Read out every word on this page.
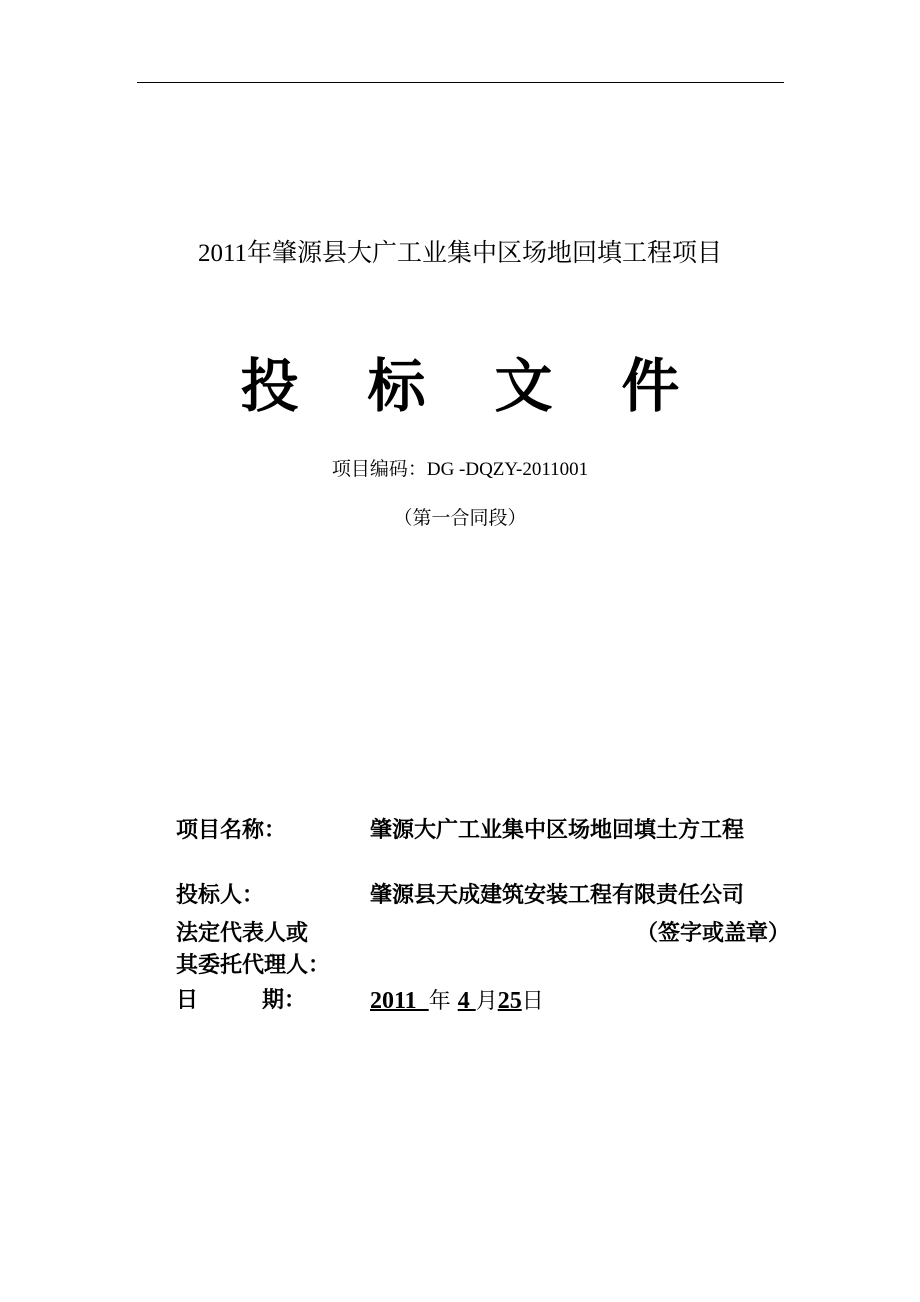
2011年肇源县大广工业集中区场地回填工程项目
投 标 文 件
项目编码：DG -DQZY-2011001
（第一合同段）
项目名称：	肇源大广工业集中区场地回填土方工程
投标人：	肇源县天成建筑安装工程有限责任公司
法定代表人或	（签字或盖章）
其委托代理人：
日	期：	2011  年 4 月25日
